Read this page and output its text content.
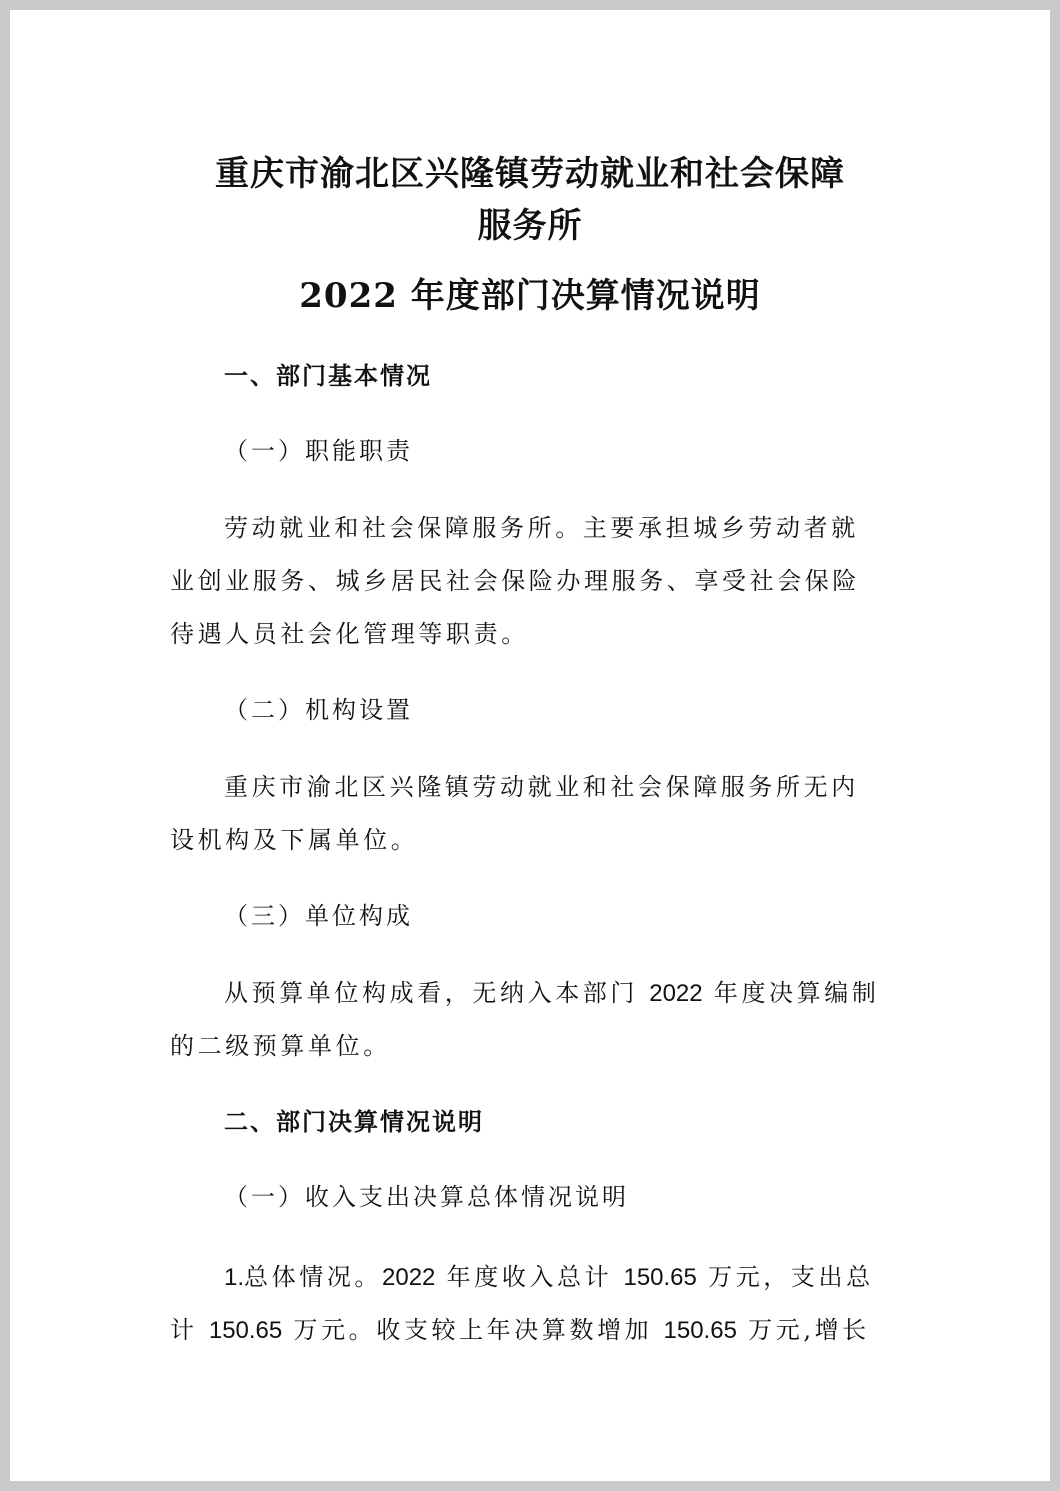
重庆市渝北区兴隆镇劳动就业和社会保障
服务所
2022 年度部门决算情况说明
一、部门基本情况
（一）职能职责
劳动就业和社会保障服务所。主要承担城乡劳动者就
业创业服务、城乡居民社会保险办理服务、享受社会保险
待遇人员社会化管理等职责。
（二）机构设置
重庆市渝北区兴隆镇劳动就业和社会保障服务所无内
设机构及下属单位。
（三）单位构成
从预算单位构成看，无纳入本部门 2022 年度决算编制
的二级预算单位。
二、部门决算情况说明
（一）收入支出决算总体情况说明
1.总体情况。2022 年度收入总计 150.65 万元，支出总
计 150.65 万元。收支较上年决算数增加 150.65 万元,增长
